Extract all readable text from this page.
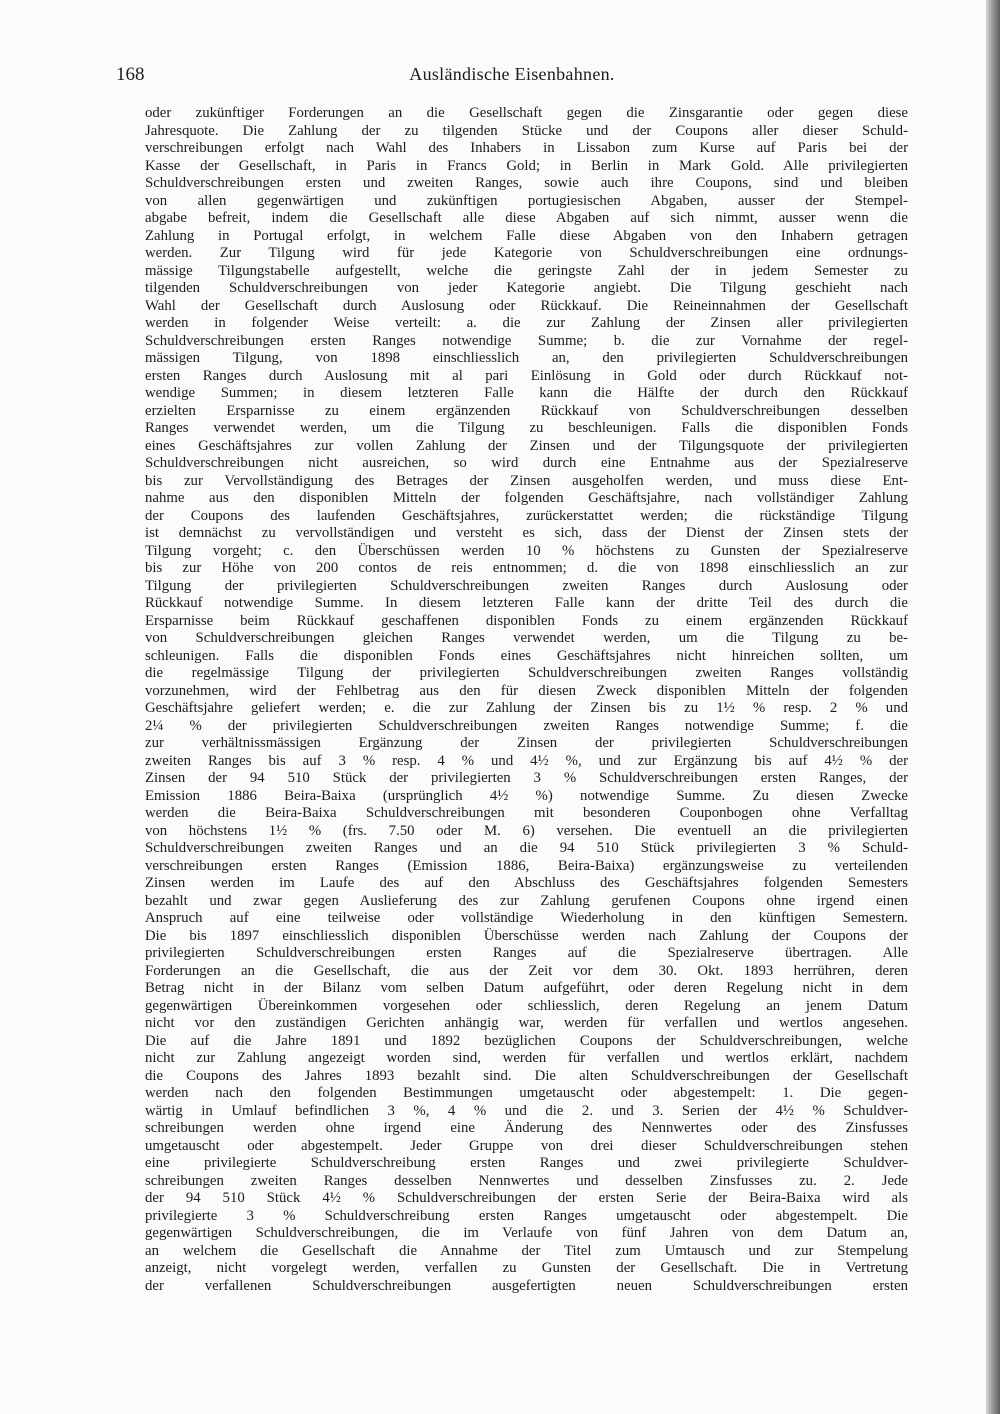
168	Ausländische Eisenbahnen.
oder zukünftiger Forderungen an die Gesellschaft gegen die Zinsgarantie oder gegen diese
Jahresquote. Die Zahlung der zu tilgenden Stücke und der Coupons aller dieser Schuld-
verschreibungen erfolgt nach Wahl des Inhabers in Lissabon zum Kurse auf Paris bei der
Kasse der Gesellschaft, in Paris in Francs Gold; in Berlin in Mark Gold. Alle privilegierten
Schuldverschreibungen ersten und zweiten Ranges, sowie auch ihre Coupons, sind und bleiben
von allen gegenwärtigen und zukünftigen portugiesischen Abgaben, ausser der Stempel-
abgabe befreit, indem die Gesellschaft alle diese Abgaben auf sich nimmt, ausser wenn die
Zahlung in Portugal erfolgt, in welchem Falle diese Abgaben von den Inhabern getragen
werden. Zur Tilgung wird für jede Kategorie von Schuldverschreibungen eine ordnungs-
mässige Tilgungstabelle aufgestellt, welche die geringste Zahl der in jedem Semester zu
tilgenden Schuldverschreibungen von jeder Kategorie angiebt. Die Tilgung geschieht nach
Wahl der Gesellschaft durch Auslosung oder Rückkauf. Die Reineinnahmen der Gesellschaft
werden in folgender Weise verteilt: a. die zur Zahlung der Zinsen aller privilegierten
Schuldverschreibungen ersten Ranges notwendige Summe; b. die zur Vornahme der regel-
mässigen Tilgung, von 1898 einschliesslich an, den privilegierten Schuldverschreibungen
ersten Ranges durch Auslosung mit al pari Einlösung in Gold oder durch Rückkauf not-
wendige Summen; in diesem letzteren Falle kann die Hälfte der durch den Rückkauf
erzielten Ersparnisse zu einem ergänzenden Rückkauf von Schuldverschreibungen desselben
Ranges verwendet werden, um die Tilgung zu beschleunigen. Falls die disponiblen Fonds
eines Geschäftsjahres zur vollen Zahlung der Zinsen und der Tilgungsquote der privilegierten
Schuldverschreibungen nicht ausreichen, so wird durch eine Entnahme aus der Spezialreserve
bis zur Vervollständigung des Betrages der Zinsen ausgeholfen werden, und muss diese Ent-
nahme aus den disponiblen Mitteln der folgenden Geschäftsjahre, nach vollständiger Zahlung
der Coupons des laufenden Geschäftsjahres, zurückerstattet werden; die rückständige Tilgung
ist demnächst zu vervollständigen und versteht es sich, dass der Dienst der Zinsen stets der
Tilgung vorgeht; c. den Überschüssen werden 10 % höchstens zu Gunsten der Spezialreserve
bis zur Höhe von 200 contos de reis entnommen; d. die von 1898 einschliesslich an zur
Tilgung der privilegierten Schuldverschreibungen zweiten Ranges durch Auslosung oder
Rückkauf notwendige Summe. In diesem letzteren Falle kann der dritte Teil des durch die
Ersparnisse beim Rückkauf geschaffenen disponiblen Fonds zu einem ergänzenden Rückkauf
von Schuldverschreibungen gleichen Ranges verwendet werden, um die Tilgung zu be-
schleunigen. Falls die disponiblen Fonds eines Geschäftsjahres nicht hinreichen sollten, um
die regelmässige Tilgung der privilegierten Schuldverschreibungen zweiten Ranges vollständig
vorzunehmen, wird der Fehlbetrag aus den für diesen Zweck disponiblen Mitteln der folgenden
Geschäftsjahre geliefert werden; e. die zur Zahlung der Zinsen bis zu 1½ % resp. 2 % und
2¼ % der privilegierten Schuldverschreibungen zweiten Ranges notwendige Summe; f. die
zur verhältnissmässigen Ergänzung der Zinsen der privilegierten Schuldverschreibungen
zweiten Ranges bis auf 3 % resp. 4 % und 4½ %, und zur Ergänzung bis auf 4½ % der
Zinsen der 94 510 Stück der privilegierten 3 % Schuldverschreibungen ersten Ranges, der
Emission 1886 Beira-Baixa (ursprünglich 4½ %) notwendige Summe. Zu diesen Zwecke
werden die Beira-Baixa Schuldverschreibungen mit besonderen Couponbogen ohne Verfalltag
von höchstens 1½ % (frs. 7.50 oder M. 6) versehen. Die eventuell an die privilegierten
Schuldverschreibungen zweiten Ranges und an die 94 510 Stück privilegierten 3 % Schuld-
verschreibungen ersten Ranges (Emission 1886, Beira-Baixa) ergänzungsweise zu verteilenden
Zinsen werden im Laufe des auf den Abschluss des Geschäftsjahres folgenden Semesters
bezahlt und zwar gegen Auslieferung des zur Zahlung gerufenen Coupons ohne irgend einen
Anspruch auf eine teilweise oder vollständige Wiederholung in den künftigen Semestern.
Die bis 1897 einschliesslich disponiblen Überschüsse werden nach Zahlung der Coupons der
privilegierten Schuldverschreibungen ersten Ranges auf die Spezialreserve übertragen. Alle
Forderungen an die Gesellschaft, die aus der Zeit vor dem 30. Okt. 1893 herrühren, deren
Betrag nicht in der Bilanz vom selben Datum aufgeführt, oder deren Regelung nicht in dem
gegenwärtigen Übereinkommen vorgesehen oder schliesslich, deren Regelung an jenem Datum
nicht vor den zuständigen Gerichten anhängig war, werden für verfallen und wertlos angesehen.
Die auf die Jahre 1891 und 1892 bezüglichen Coupons der Schuldverschreibungen, welche
nicht zur Zahlung angezeigt worden sind, werden für verfallen und wertlos erklärt, nachdem
die Coupons des Jahres 1893 bezahlt sind. Die alten Schuldverschreibungen der Gesellschaft
werden nach den folgenden Bestimmungen umgetauscht oder abgestempelt: 1. Die gegen-
wärtig in Umlauf befindlichen 3 %, 4 % und die 2. und 3. Serien der 4½ % Schuldver-
schreibungen werden ohne irgend eine Änderung des Nennwertes oder des Zinsfusses
umgetauscht oder abgestempelt. Jeder Gruppe von drei dieser Schuldverschreibungen stehen
eine privilegierte Schuldverschreibung ersten Ranges und zwei privilegierte Schuldver-
schreibungen zweiten Ranges desselben Nennwertes und desselben Zinsfusses zu. 2. Jede
der 94 510 Stück 4½ % Schuldverschreibungen der ersten Serie der Beira-Baixa wird als
privilegierte 3 % Schuldverschreibung ersten Ranges umgetauscht oder abgestempelt. Die
gegenwärtigen Schuldverschreibungen, die im Verlaufe von fünf Jahren von dem Datum an,
an welchem die Gesellschaft die Annahme der Titel zum Umtausch und zur Stempelung
anzeigt, nicht vorgelegt werden, verfallen zu Gunsten der Gesellschaft. Die in Vertretung
der verfallenen Schuldverschreibungen ausgefertigten neuen Schuldverschreibungen ersten
